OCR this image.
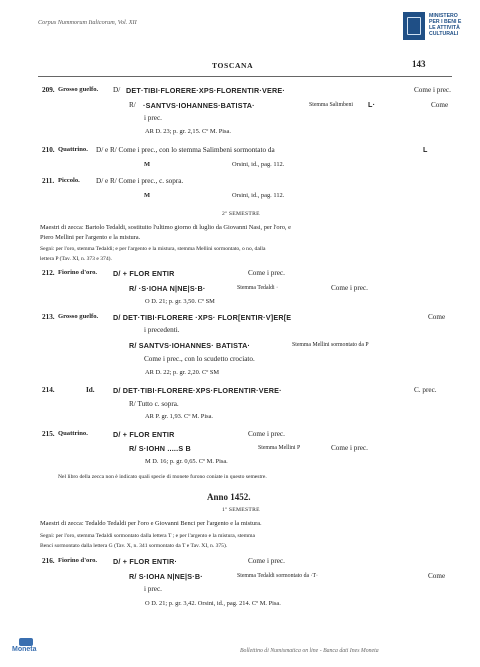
Corpus Nummorum Italicorum, Vol. XII
MINISTERO
PER I BENI E
LE ATTIVITÀ
CULTURALI
TOSCANA	143
209. Grosso guelfo. D/ DET·TIBI·FLORERE·XPS·FLORENTIR·VERE·	Come i prec.
R/ ·SANTVS·IOHANNES·BATISTA·	Stemma Salimbeni L·	Come
i prec.
AR D. 23; p. gr. 2,15. Cº M. Pisa.
210. Quattrino. D/ e R/ Come i prec., con lo stemma Salimbeni sormontato da	L
M	Orsini, id., pag. 112.
211. Piccolo. D/ e R/ Come i prec., c. sopra.
M	Orsini, id., pag. 112.
2º SEMESTRE
Maestri di zecca: Bartolo Tedaldi, sostituito l'ultimo giorno di luglio da Giovanni Nasi, per l'oro, e
Piero Mellini per l'argento e la mistura.
Segni: per l'oro, stemma Tedaldi; e per l'argento e la mistura, stemma Mellini sormontato, o no, dalla
lettera P (Tav. XI, n. 373 e 374).
212. Fiorino d'oro. D/ + FLOR ENTIR	Come i prec.
R/ ·S·IOHA N|NE|S·B·	Stemma Tedaldi ·	Come i prec.
O D. 21; p. gr. 3,50. Cº SM
213. Grosso guelfo. D/ DET·TIBI·FLORERE ·XPS· FLOR[ENTIR·V]ER[E	Come
i precedenti.
R/ SANTVS·IOHANNES· BATISTA·	Stemma Mellini sormontato da P
Come i prec., con lo scudetto crociato.
AR D. 22; p. gr. 2,20. Cº SM
214.	Id.	D/ DET·TIBI·FLORERE·XPS·FLORENTIR·VERE·	C. prec.
R/ Tutto c. sopra.
AR P. gr. 1,93. Cº M. Pisa.
215. Quattrino.	D/ + FLOR ENTIR	Come i prec.
R/ S·IOHN .....S B	Stemma Mellini P	Come i prec.
M D. 16; p. gr. 0,65. Cº M. Pisa.
Nel libro della zecca non è indicato quali specie di monete furono coniate in questo semestre.
Anno 1452.
1º SEMESTRE
Maestri di zecca: Tedaldo Tedaldi per l'oro e Giovanni Benci per l'argento e la mistura.
Segni: per l'oro, stemma Tedaldi sormontato dalla lettera T ; e per l'argento e la mistura, stemma
Benci sormontato dalla lettera G (Tav. X, n. 341 sormontato da T e Tav. XI, n. 375).
216. Fiorino d'oro. D/ + FLOR ENTIR·	Come i prec.
R/ S·IOHA N|NE|S·B·	Stemma Tedaldi sormontato da ·T·	Come
i prec.
O D. 21; p. gr. 3,42. Orsini, id., pag. 214. Cº M. Pisa.
Moneta	Bollettino di Numismatica on line - Banca dati Ines Moneta
